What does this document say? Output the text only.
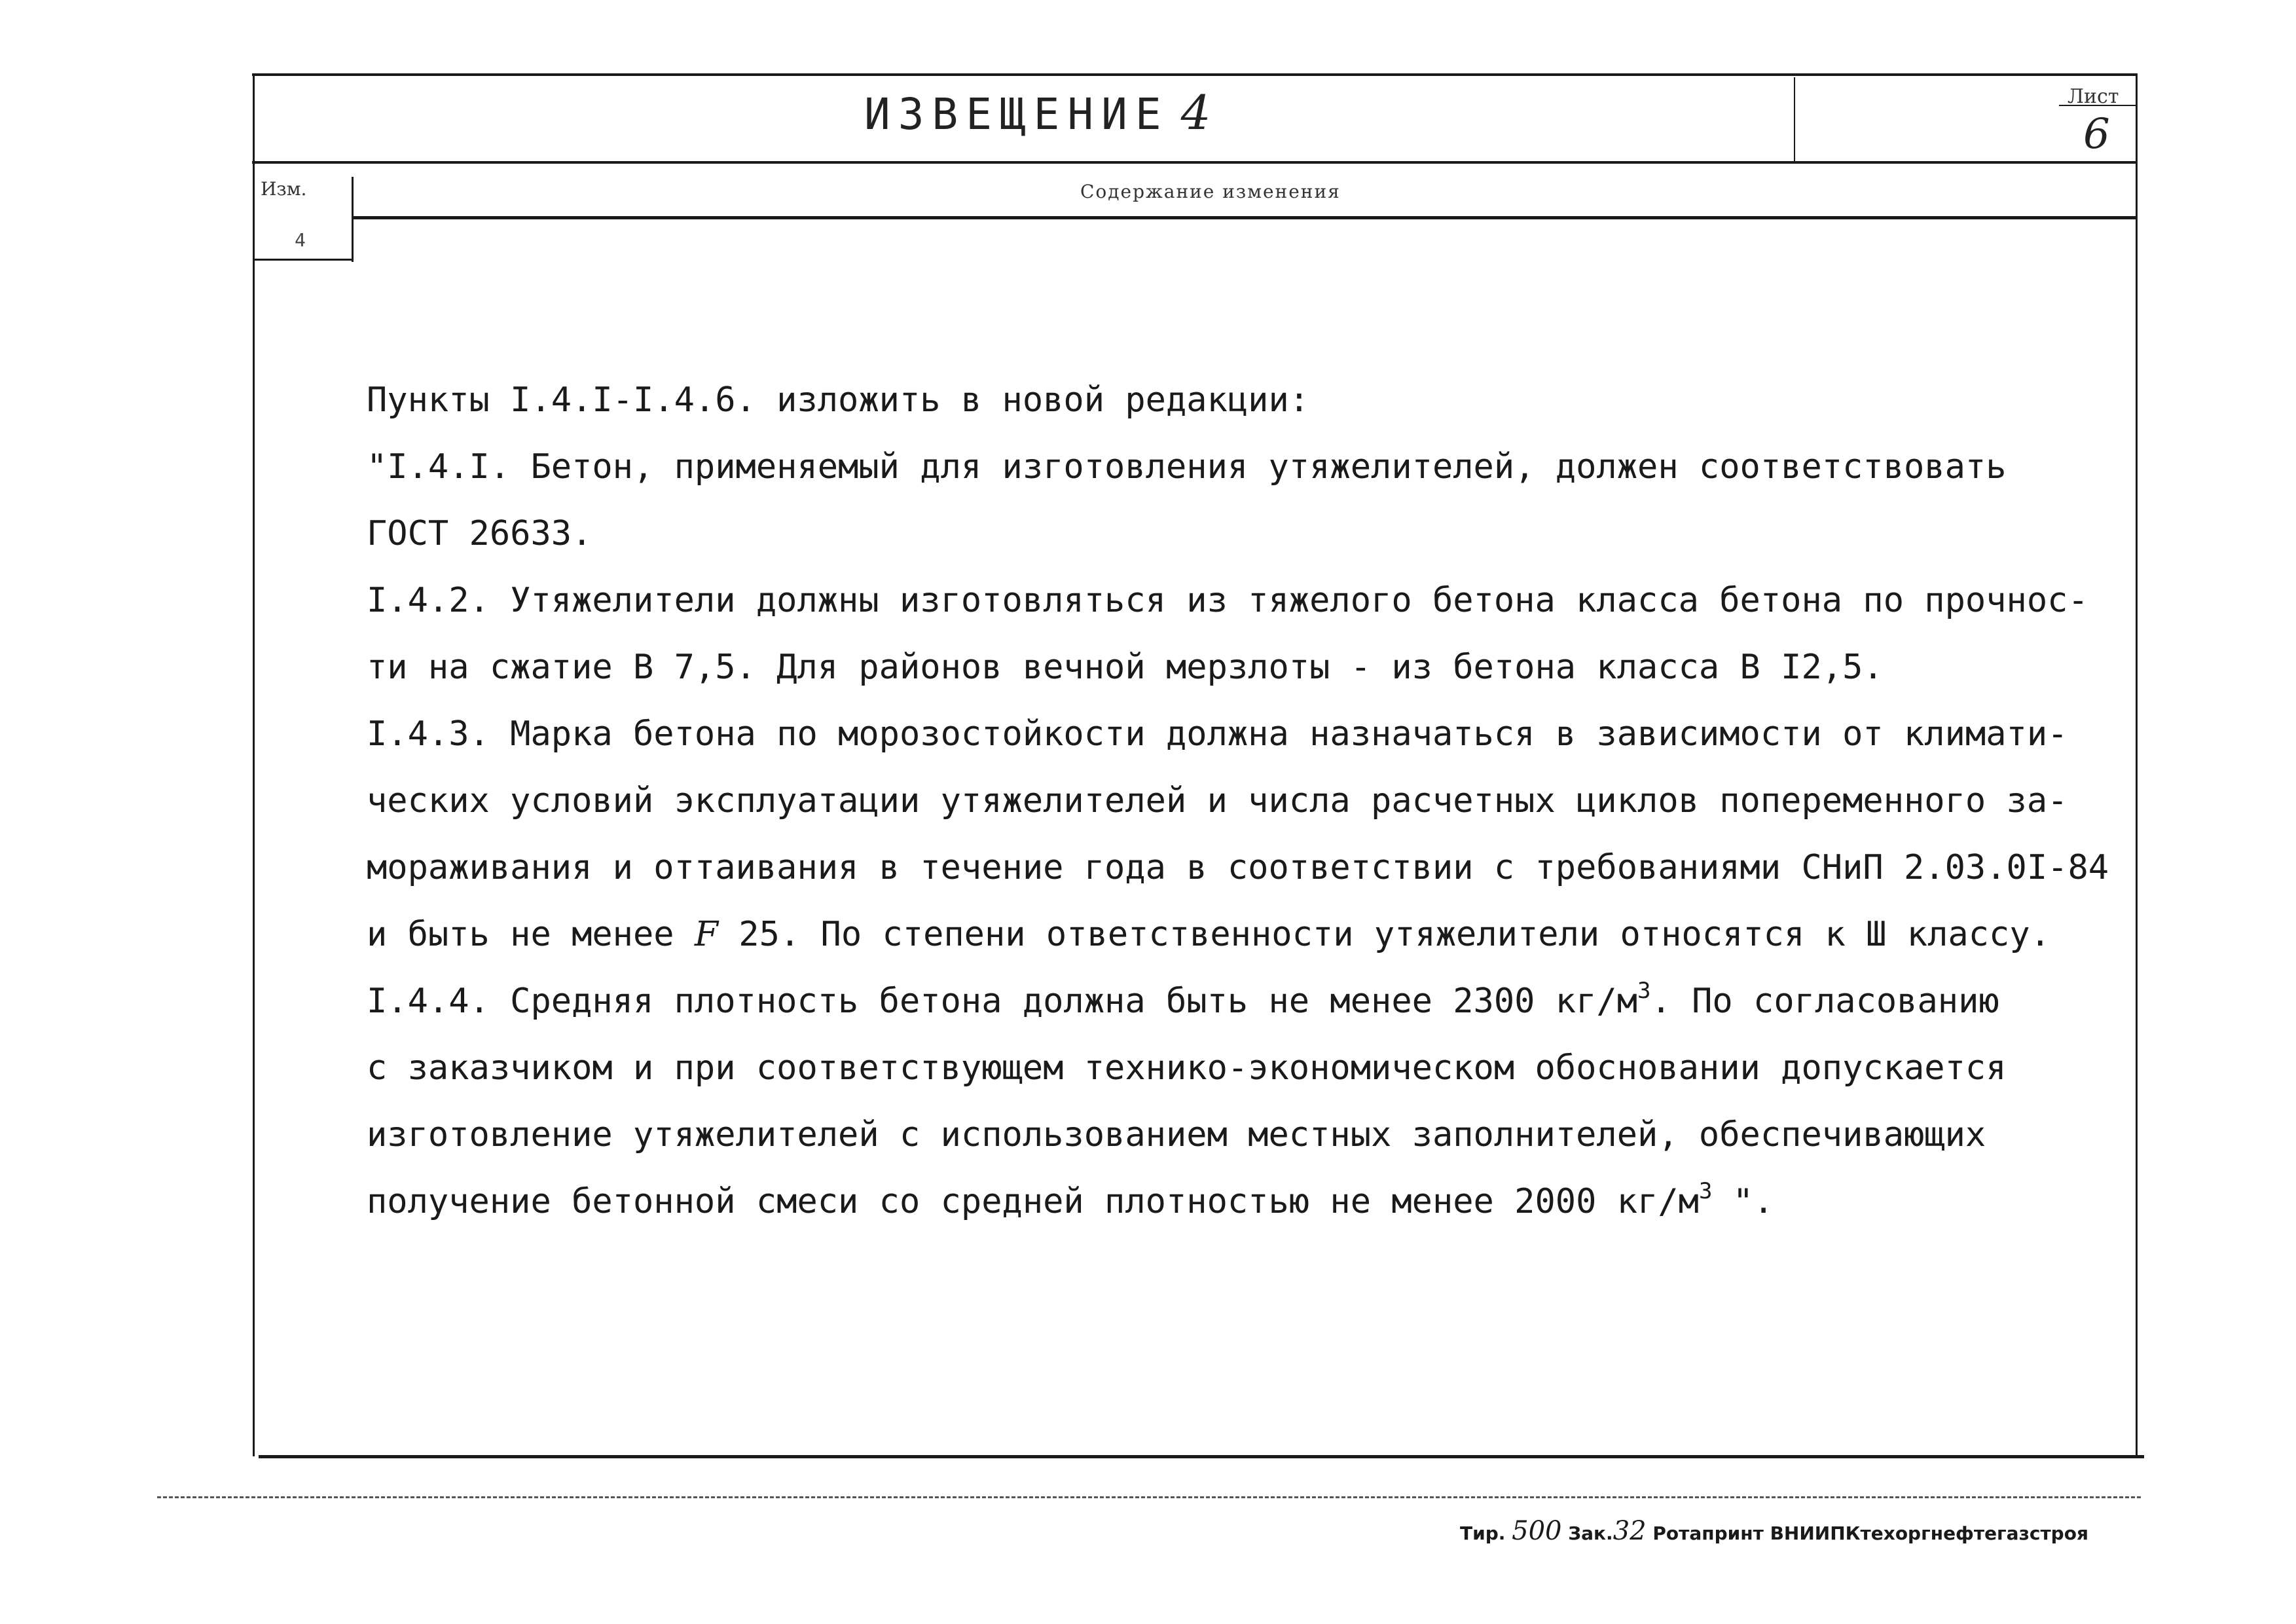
ИЗВЕЩЕНИЕ 4	Лист
6
Изм.	Содержание изменения
4

Пункты I.4.I-I.4.6. изложить в новой редакции:

"I.4.I. Бетон, применяемый для изготовления утяжелителей, должен соответствовать

ГОСТ 26633.

I.4.2. Утяжелители должны изготовляться из тяжелого бетона класса бетона по прочнос-

ти на сжатие В 7,5. Для районов вечной мерзлоты - из бетона класса В I2,5.

I.4.3. Марка бетона по морозостойкости должна назначаться в зависимости от климати-

ческих условий эксплуатации утяжелителей и числа расчетных циклов попеременного за-

мораживания и оттаивания в течение года в соответствии с требованиями СНиП 2.03.0I-84

и быть не менее F 25. По степени ответственности утяжелители относятся к Ш классу.

I.4.4. Средняя плотность бетона должна быть не менее 2300 $кг/м^3$. По согласованию

с заказчиком и при соответствующем технико-экономическом обосновании допускается

изготовление утяжелителей с использованием местных заполнителей, обеспечивающих

получение бетонной смеси со средней плотностью не менее 2000 $кг/м^3$ ".

Тир. 500 Зак.32 Ротапринт ВНИИПКтехоргнефтегазстроя
